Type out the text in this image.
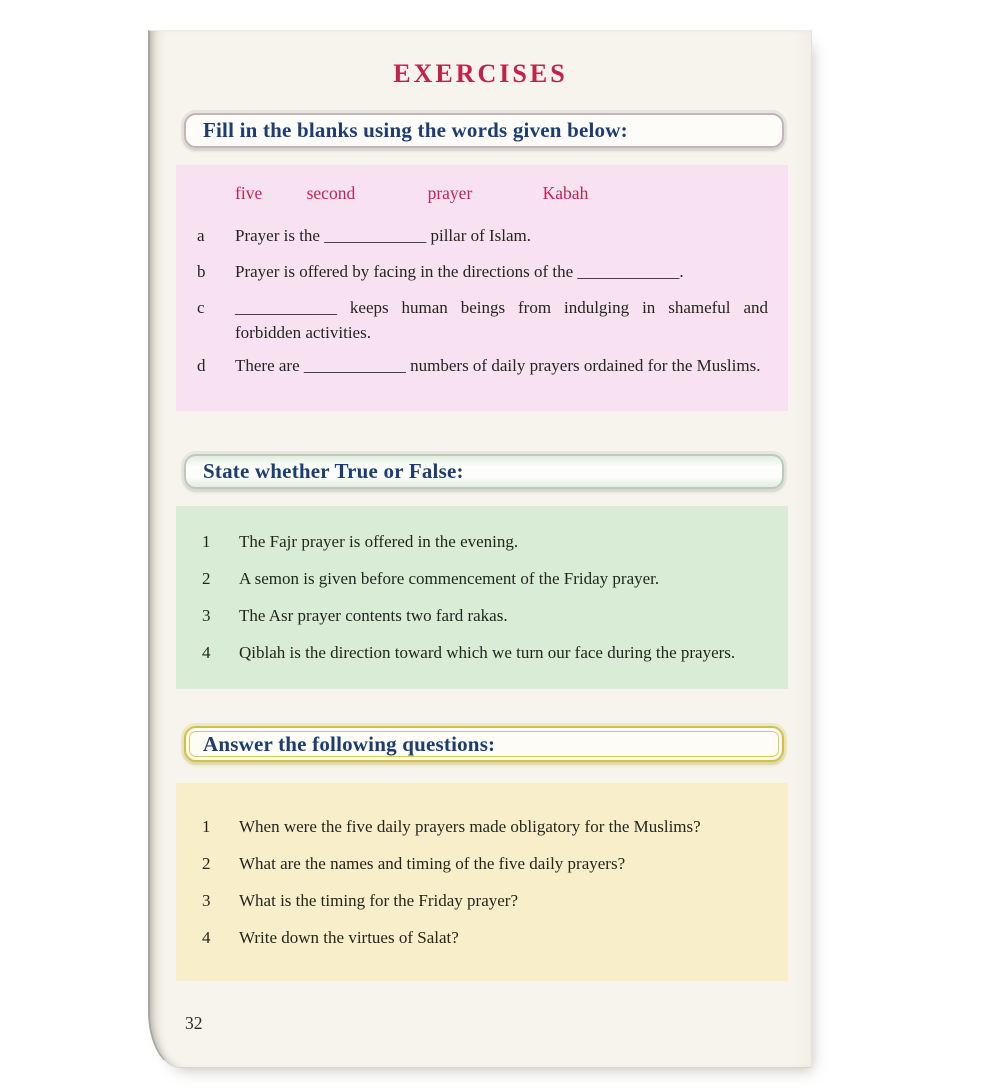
EXERCISES
Fill in the blanks using the words given below:
five	second	prayer	Kabah
a	Prayer is the ____________ pillar of Islam.
b	Prayer is offered by facing in the directions of the ____________.
c	____________ keeps human beings from indulging in shameful and forbidden activities.
d	There are ____________ numbers of daily prayers ordained for the Muslims.
State whether True or False:
1	The Fajr prayer is offered in the evening.
2	A semon is given before commencement of the Friday prayer.
3	The Asr prayer contents two fard rakas.
4	Qiblah is the direction toward which we turn our face during the prayers.
Answer the following questions:
1	When were the five daily prayers made obligatory for the Muslims?
2	What are the names and timing of the five daily prayers?
3	What is the timing for the Friday prayer?
4	Write down the virtues of Salat?
32
